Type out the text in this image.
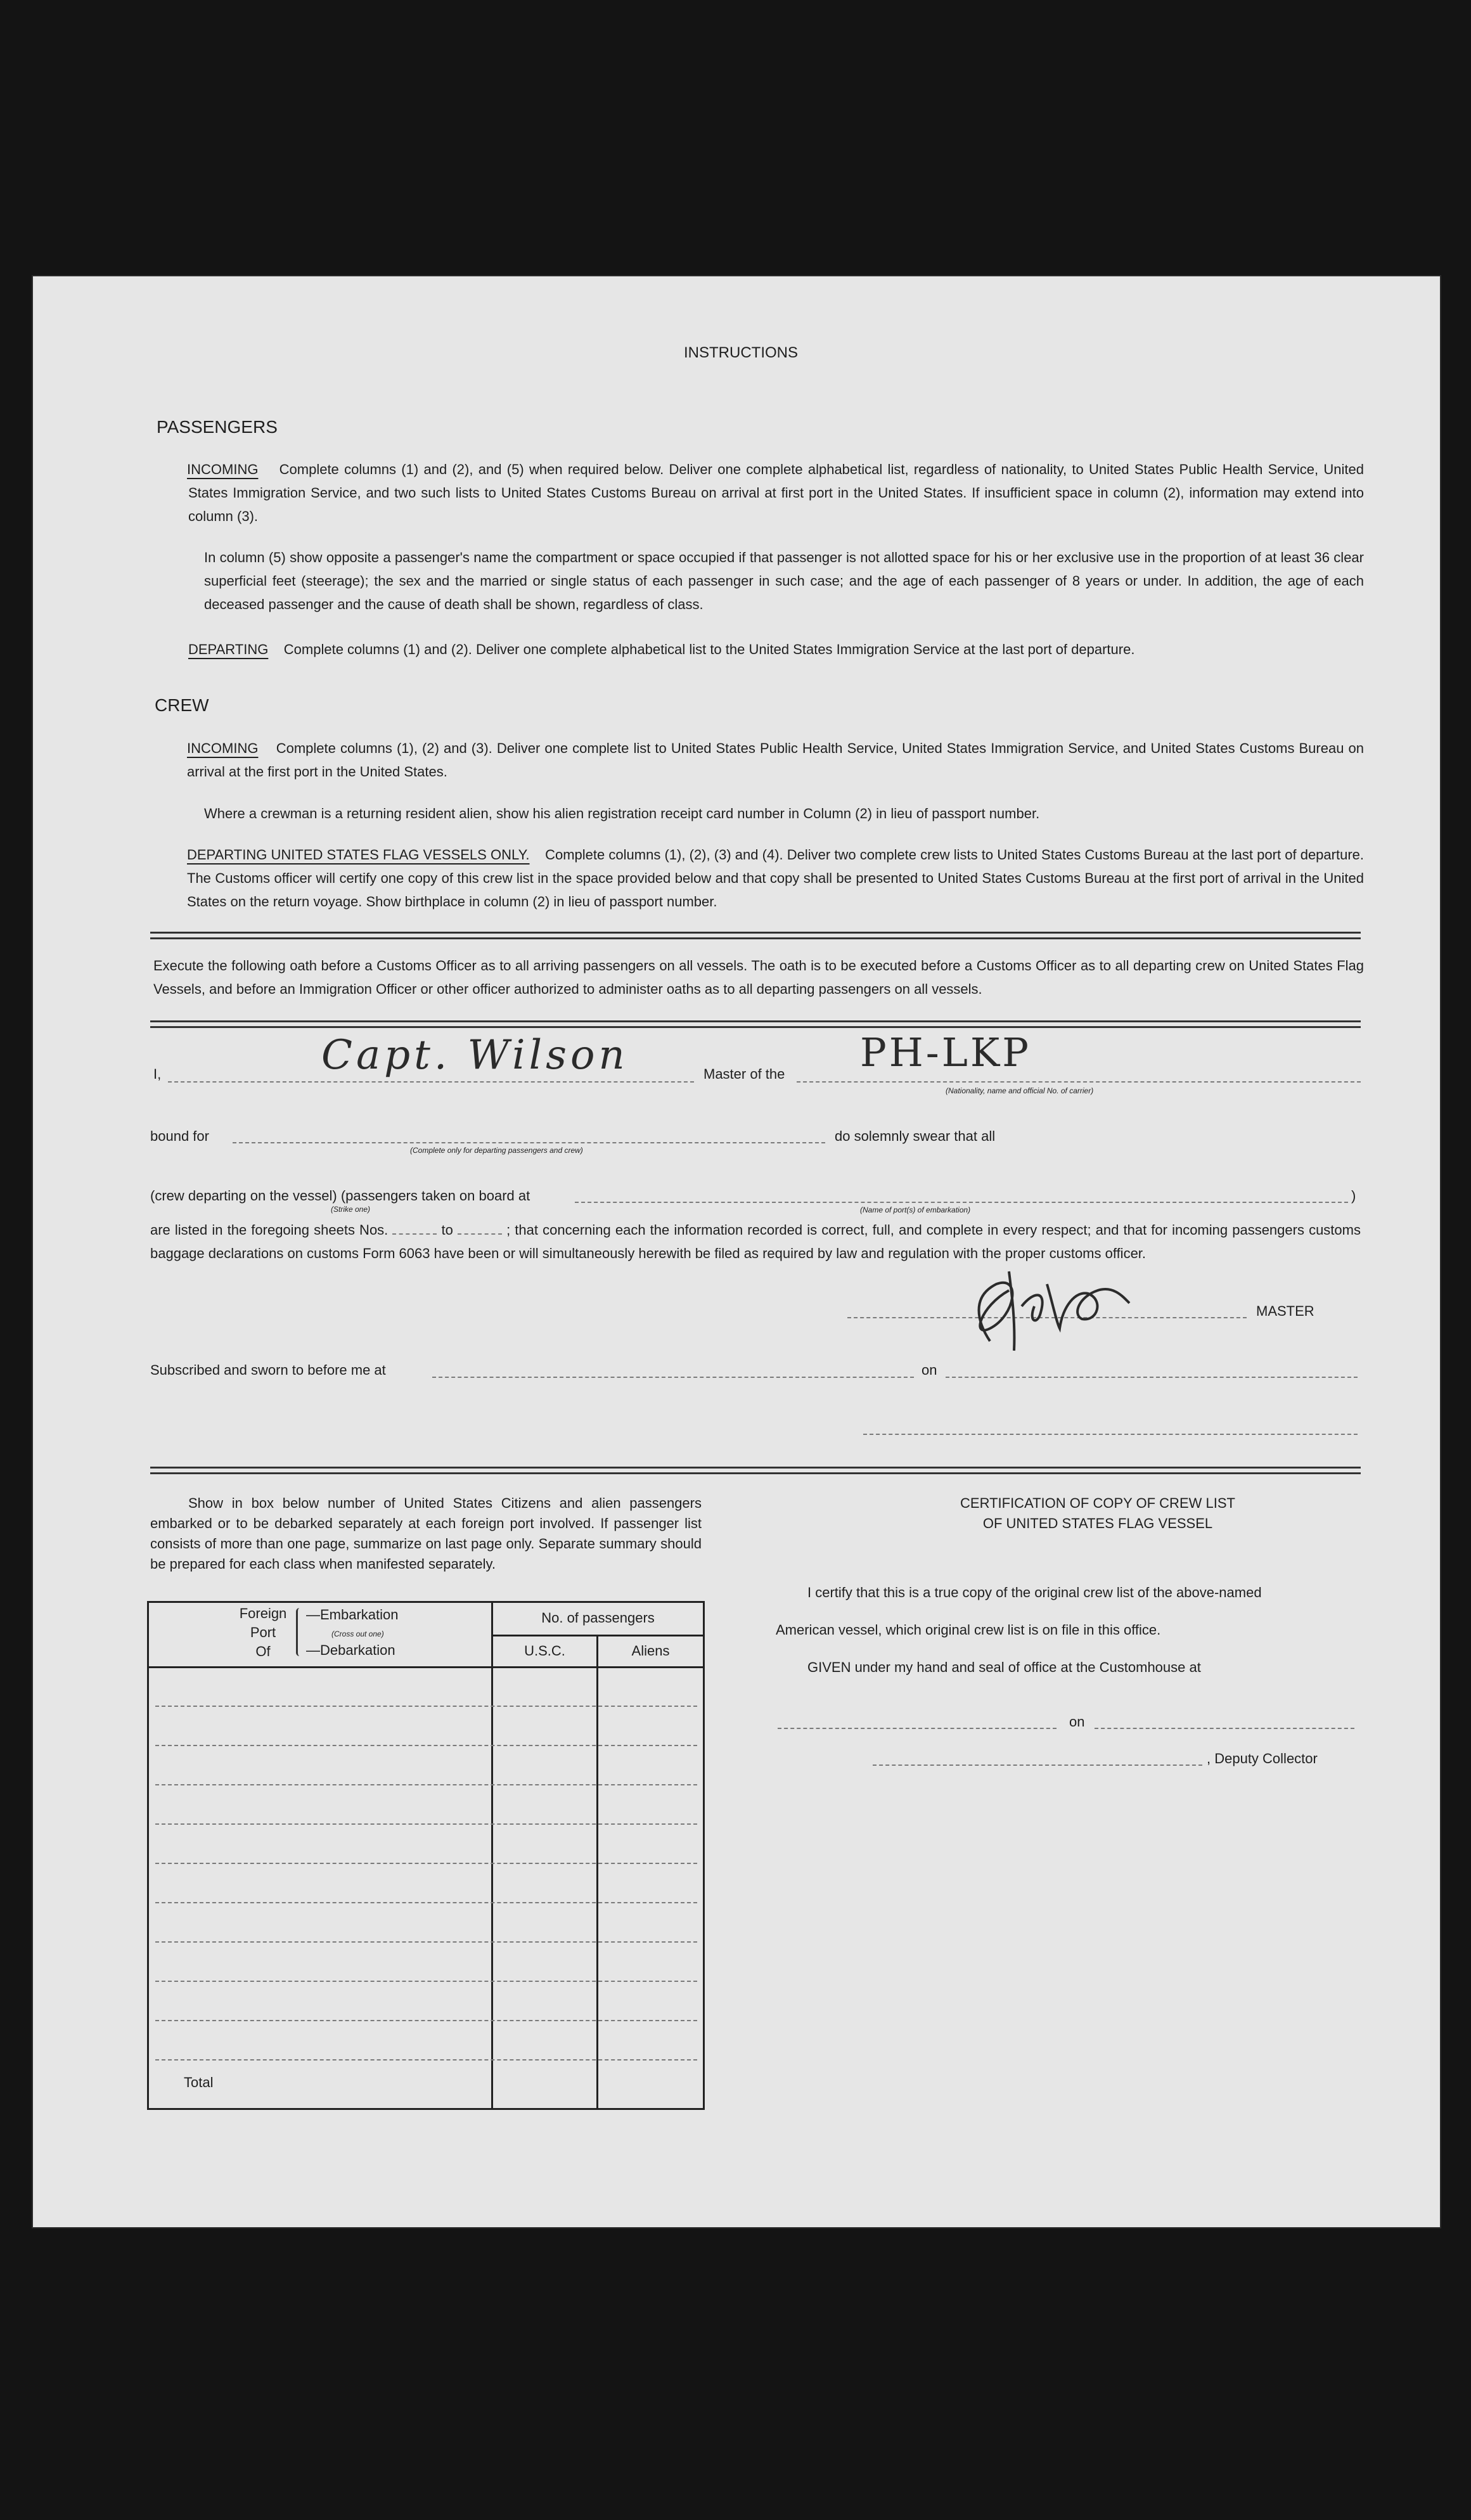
INSTRUCTIONS
PASSENGERS
INCOMING Complete columns (1) and (2), and (5) when required below. Deliver one complete alphabetical list, regardless of nationality, to United States Public Health Service, United States Immigration Service, and two such lists to United States Customs Bureau on arrival at first port in the United States. If insufficient space in column (2), information may extend into column (3).
In column (5) show opposite a passenger's name the compartment or space occupied if that passenger is not allotted space for his or her exclusive use in the proportion of at least 36 clear superficial feet (steerage); the sex and the married or single status of each passenger in such case; and the age of each passenger of 8 years or under. In addition, the age of each deceased passenger and the cause of death shall be shown, regardless of class.
DEPARTING Complete columns (1) and (2). Deliver one complete alphabetical list to the United States Immigration Service at the last port of departure.
CREW
INCOMING Complete columns (1), (2) and (3). Deliver one complete list to United States Public Health Service, United States Immigration Service, and United States Customs Bureau on arrival at the first port in the United States.
Where a crewman is a returning resident alien, show his alien registration receipt card number in Column (2) in lieu of passport number.
DEPARTING UNITED STATES FLAG VESSELS ONLY. Complete columns (1), (2), (3) and (4). Deliver two complete crew lists to United States Customs Bureau at the last port of departure. The Customs officer will certify one copy of this crew list in the space provided below and that copy shall be presented to United States Customs Bureau at the first port of arrival in the United States on the return voyage. Show birthplace in column (2) in lieu of passport number.
Execute the following oath before a Customs Officer as to all arriving passengers on all vessels. The oath is to be executed before a Customs Officer as to all departing crew on United States Flag Vessels, and before an Immigration Officer or other officer authorized to administer oaths as to all departing passengers on all vessels.
I,	Capt. Wilson	Master of the PH-LKP
(Nationality, name and official No. of carrier)
bound for
(Complete only for departing passengers and crew)
do solemnly swear that all
(crew departing on the vessel) (passengers taken on board at	)
(Strike one)	(Name of port(s) of embarkation)
are listed in the foregoing sheets Nos.	to	; that concerning each the information recorded is correct, full, and complete in every respect; and that for incoming passengers customs baggage declarations on customs Form 6063 have been or will simultaneously herewith be filed as required by law and regulation with the proper customs officer.
MASTER
Subscribed and sworn to before me at	on
Show in box below number of United States Citizens and alien passengers embarked or to be debarked separately at each foreign port involved. If passenger list consists of more than one page, summarize on last page only. Separate summary should be prepared for each class when manifested separately.
Foreign
Port
Of
—Embarkation
(Cross out one)
—Debarkation
No. of passengers
U.S.C.	Aliens
Total
CERTIFICATION OF COPY OF CREW LIST
OF UNITED STATES FLAG VESSEL
I certify that this is a true copy of the original crew list of the above-named
American vessel, which original crew list is on file in this office.
GIVEN under my hand and seal of office at the Customhouse at
on
, Deputy Collector
